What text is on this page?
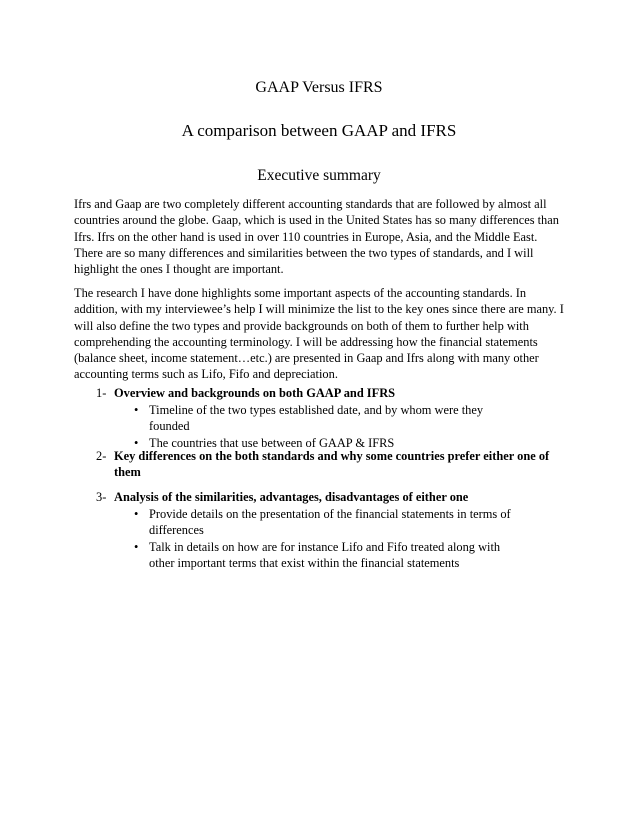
GAAP Versus IFRS
A comparison between GAAP and IFRS
Executive summary

Ifrs and Gaap are two completely different accounting standards that are followed by almost all countries around the globe. Gaap, which is used in the United States has so many differences than Ifrs. Ifrs on the other hand is used in over 110 countries in Europe, Asia, and the Middle East. There are so many differences and similarities between the two types of standards, and I will highlight the ones I thought are important.

The research I have done highlights some important aspects of the accounting standards. In addition, with my interviewee’s help I will minimize the list to the key ones since there are many. I will also define the two types and provide backgrounds on both of them to further help with comprehending the accounting terminology. I will be addressing how the financial statements (balance sheet, income statement…etc.) are presented in Gaap and Ifrs along with many other accounting terms such as Lifo, Fifo and depreciation.

1- Overview and backgrounds on both GAAP and IFRS
• Timeline of the two types established date, and by whom were they founded
• The countries that use between of GAAP & IFRS
2- Key differences on the both standards and why some countries prefer either one of them
3- Analysis of the similarities, advantages, disadvantages of either one
• Provide details on the presentation of the financial statements in terms of differences
• Talk in details on how are for instance Lifo and Fifo treated along with other important terms that exist within the financial statements
